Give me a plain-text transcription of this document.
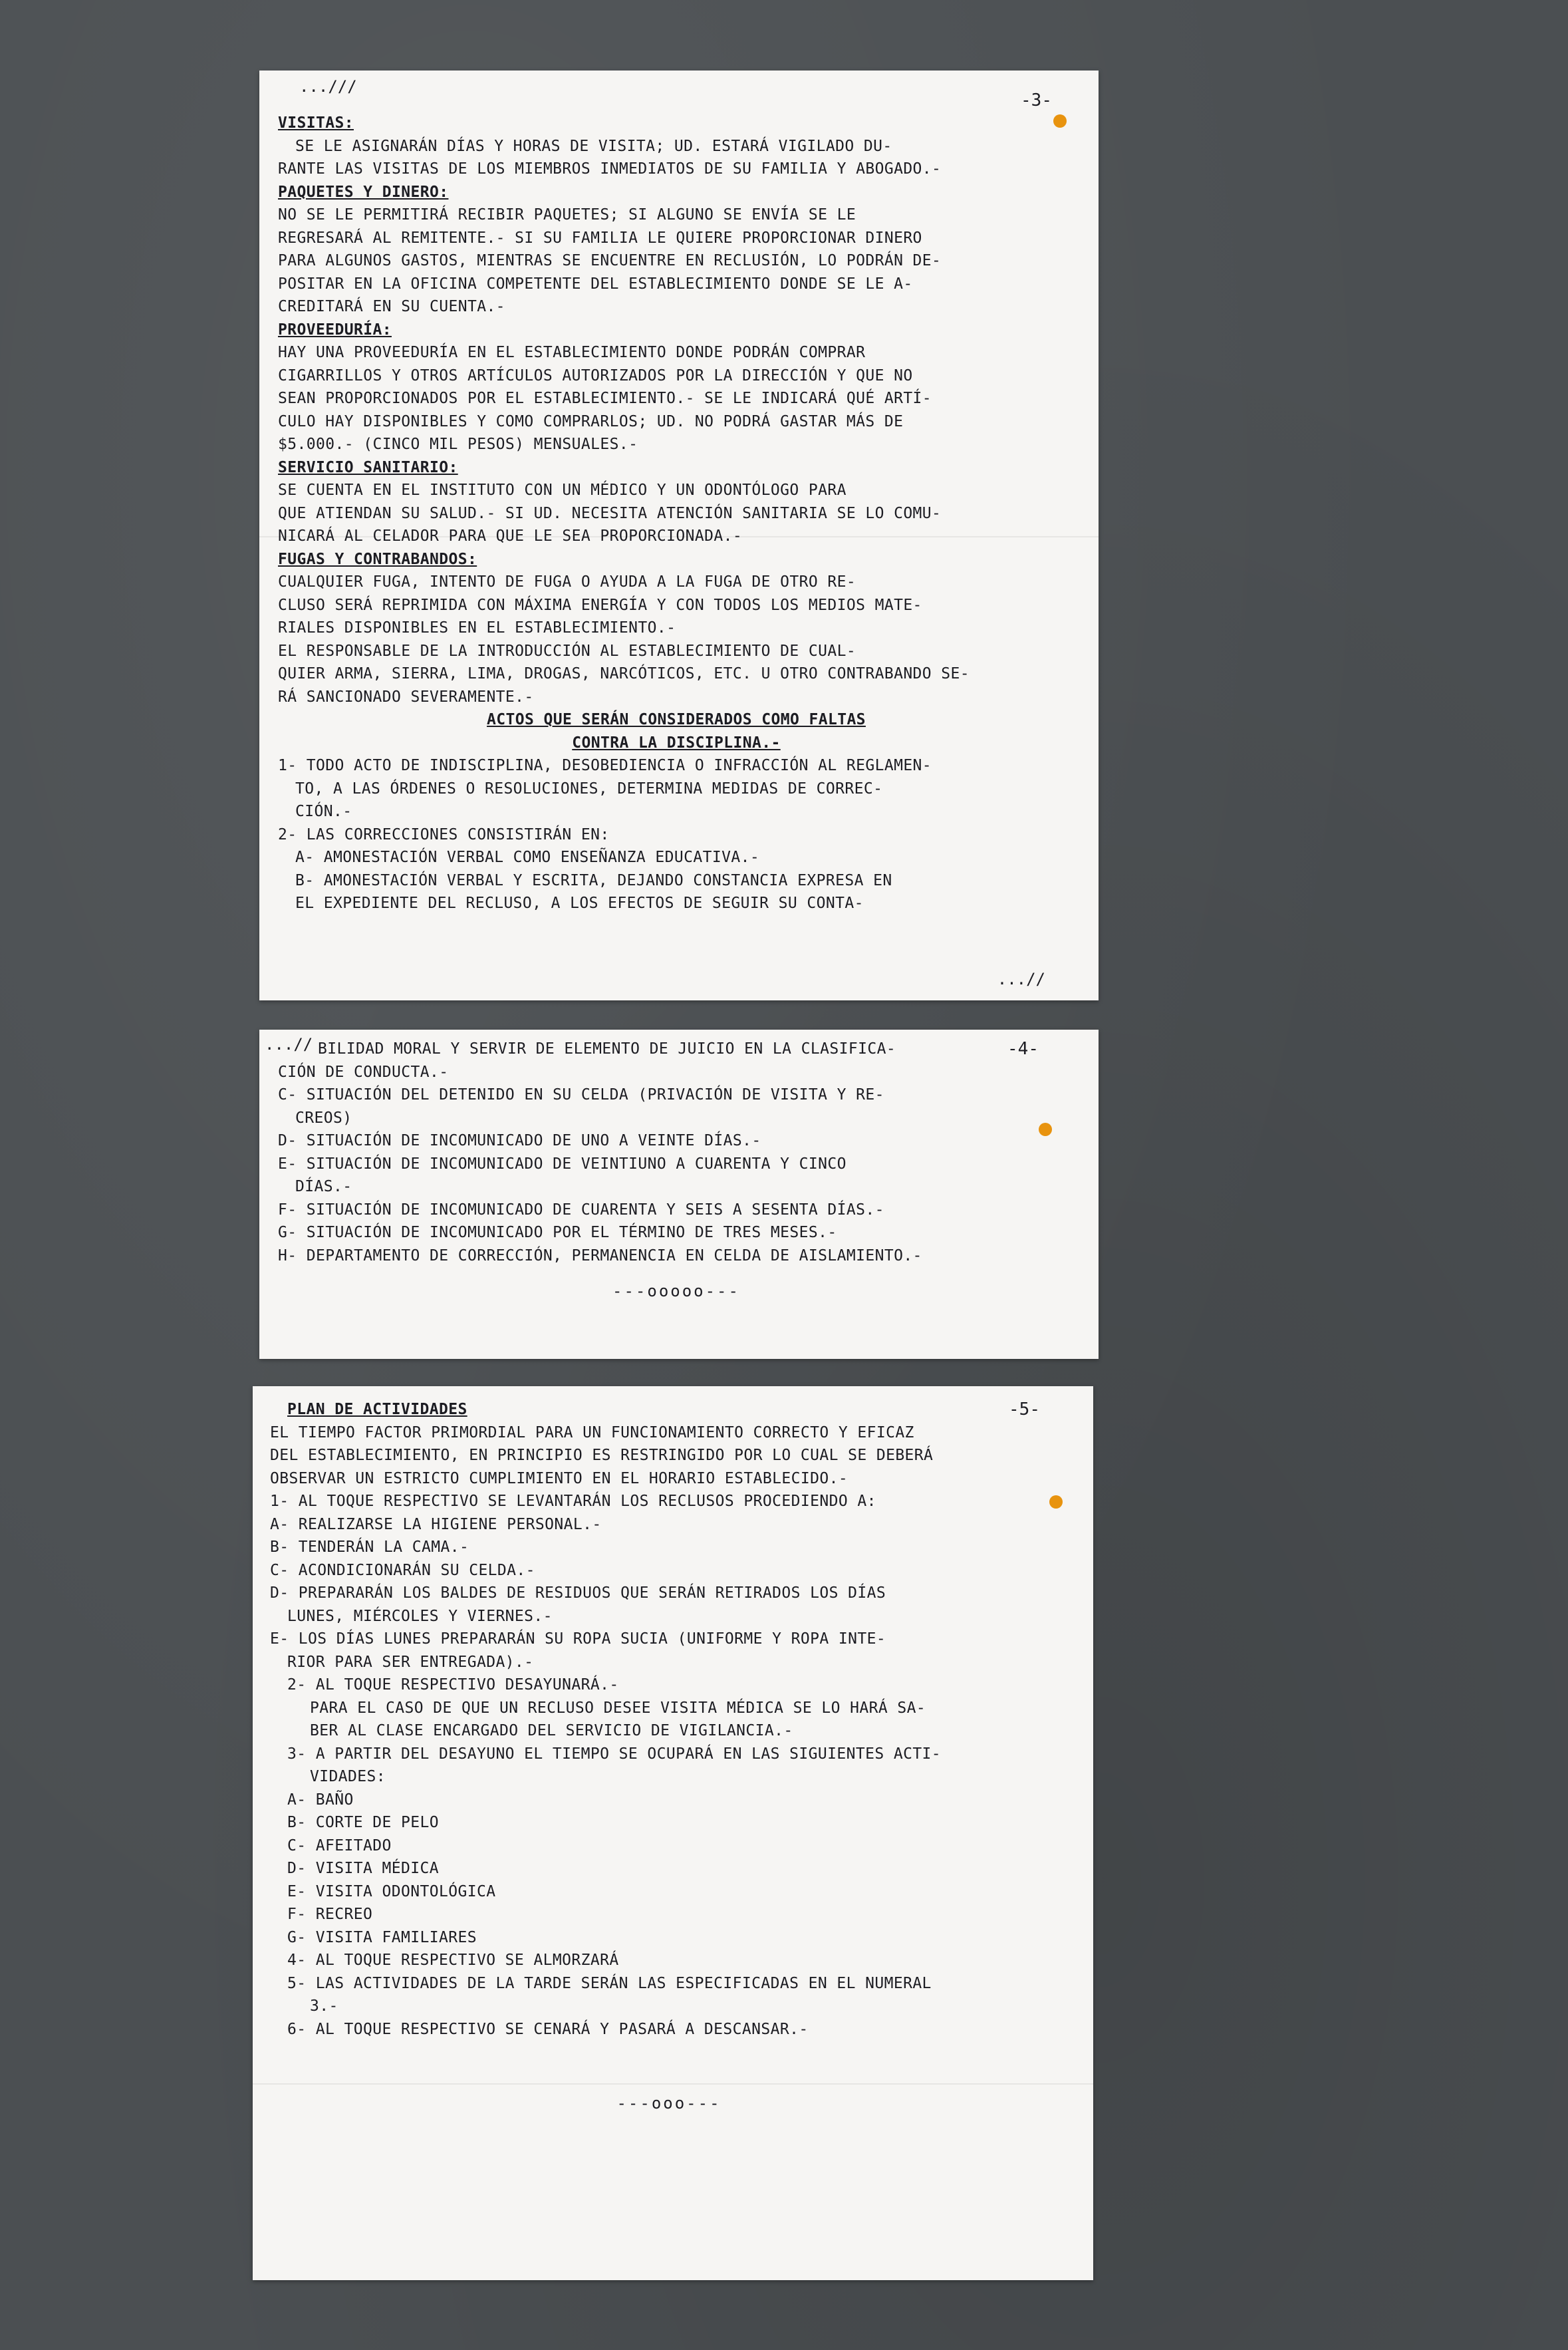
...///
-3-
VISITAS:
SE LE ASIGNARÁN DÍAS Y HORAS DE VISITA; UD. ESTARÁ VIGILADO DU-
RANTE LAS VISITAS DE LOS MIEMBROS INMEDIATOS DE SU FAMILIA Y ABOGADO.-
PAQUETES Y DINERO:
NO SE LE PERMITIRÁ RECIBIR PAQUETES; SI ALGUNO SE ENVÍA SE LE
REGRESARÁ AL REMITENTE.- SI SU FAMILIA LE QUIERE PROPORCIONAR DINERO
PARA ALGUNOS GASTOS, MIENTRAS SE ENCUENTRE EN RECLUSIÓN, LO PODRÁN DE-
POSITAR EN LA OFICINA COMPETENTE DEL ESTABLECIMIENTO DONDE SE LE A-
CREDITARÁ EN SU CUENTA.-
PROVEEDURÍA:
HAY UNA PROVEEDURÍA EN EL ESTABLECIMIENTO DONDE PODRÁN COMPRAR
CIGARRILLOS Y OTROS ARTÍCULOS AUTORIZADOS POR LA DIRECCIÓN Y QUE NO
SEAN PROPORCIONADOS POR EL ESTABLECIMIENTO.- SE LE INDICARÁ QUÉ ARTÍ-
CULO HAY DISPONIBLES Y COMO COMPRARLOS; UD. NO PODRÁ GASTAR MÁS DE
$5.000.- (CINCO MIL PESOS) MENSUALES.-
SERVICIO SANITARIO:
SE CUENTA EN EL INSTITUTO CON UN MÉDICO Y UN ODONTÓLOGO PARA
QUE ATIENDAN SU SALUD.- SI UD. NECESITA ATENCIÓN SANITARIA SE LO COMU-
NICARÁ AL CELADOR PARA QUE LE SEA PROPORCIONADA.-
FUGAS Y CONTRABANDOS:
CUALQUIER FUGA, INTENTO DE FUGA O AYUDA A LA FUGA DE OTRO RE-
CLUSO SERÁ REPRIMIDA CON MÁXIMA ENERGÍA Y CON TODOS LOS MEDIOS MATE-
RIALES DISPONIBLES EN EL ESTABLECIMIENTO.-
EL RESPONSABLE DE LA INTRODUCCIÓN AL ESTABLECIMIENTO DE CUAL-
QUIER ARMA, SIERRA, LIMA, DROGAS, NARCÓTICOS, ETC. U OTRO CONTRABANDO SE-
RÁ SANCIONADO SEVERAMENTE.-
ACTOS QUE SERÁN CONSIDERADOS COMO FALTAS
CONTRA LA DISCIPLINA.-
1- TODO ACTO DE INDISCIPLINA, DESOBEDIENCIA O INFRACCIÓN AL REGLAMEN-
TO, A LAS ÓRDENES O RESOLUCIONES, DETERMINA MEDIDAS DE CORREC-
CIÓN.-
2- LAS CORRECCIONES CONSISTIRÁN EN:
A- AMONESTACIÓN VERBAL COMO ENSEÑANZA EDUCATIVA.-
B- AMONESTACIÓN VERBAL Y ESCRITA, DEJANDO CONSTANCIA EXPRESA EN
EL EXPEDIENTE DEL RECLUSO, A LOS EFECTOS DE SEGUIR SU CONTA-
...//
...//	-4-
BILIDAD MORAL Y SERVIR DE ELEMENTO DE JUICIO EN LA CLASIFICA-
CIÓN DE CONDUCTA.-
C- SITUACIÓN DEL DETENIDO EN SU CELDA (PRIVACIÓN DE VISITA Y RE-
CREOS)
D- SITUACIÓN DE INCOMUNICADO DE UNO A VEINTE DÍAS.-
E- SITUACIÓN DE INCOMUNICADO DE VEINTIUNO A CUARENTA Y CINCO
DÍAS.-
F- SITUACIÓN DE INCOMUNICADO DE CUARENTA Y SEIS A SESENTA DÍAS.-
G- SITUACIÓN DE INCOMUNICADO POR EL TÉRMINO DE TRES MESES.-
H- DEPARTAMENTO DE CORRECCIÓN, PERMANENCIA EN CELDA DE AISLAMIENTO.-
---ooooo---
-5-
PLAN DE ACTIVIDADES
EL TIEMPO FACTOR PRIMORDIAL PARA UN FUNCIONAMIENTO CORRECTO Y EFICAZ
DEL ESTABLECIMIENTO, EN PRINCIPIO ES RESTRINGIDO POR LO CUAL SE DEBERÁ
OBSERVAR UN ESTRICTO CUMPLIMIENTO EN EL HORARIO ESTABLECIDO.-
1- AL TOQUE RESPECTIVO SE LEVANTARÁN LOS RECLUSOS PROCEDIENDO A:
A- REALIZARSE LA HIGIENE PERSONAL.-
B- TENDERÁN LA CAMA.-
C- ACONDICIONARÁN SU CELDA.-
D- PREPARARÁN LOS BALDES DE RESIDUOS QUE SERÁN RETIRADOS LOS DÍAS
LUNES, MIÉRCOLES Y VIERNES.-
E- LOS DÍAS LUNES PREPARARÁN SU ROPA SUCIA (UNIFORME Y ROPA INTE-
RIOR PARA SER ENTREGADA).-
2- AL TOQUE RESPECTIVO DESAYUNARÁ.-
PARA EL CASO DE QUE UN RECLUSO DESEE VISITA MÉDICA SE LO HARÁ SA-
BER AL CLASE ENCARGADO DEL SERVICIO DE VIGILANCIA.-
3- A PARTIR DEL DESAYUNO EL TIEMPO SE OCUPARÁ EN LAS SIGUIENTES ACTI-
VIDADES:
A- BAÑO
B- CORTE DE PELO
C- AFEITADO
D- VISITA MÉDICA
E- VISITA ODONTOLÓGICA
F- RECREO
G- VISITA FAMILIARES
4- AL TOQUE RESPECTIVO SE ALMORZARÁ
5- LAS ACTIVIDADES DE LA TARDE SERÁN LAS ESPECIFICADAS EN EL NUMERAL
3.-
6- AL TOQUE RESPECTIVO SE CENARÁ Y PASARÁ A DESCANSAR.-
---ooo---
